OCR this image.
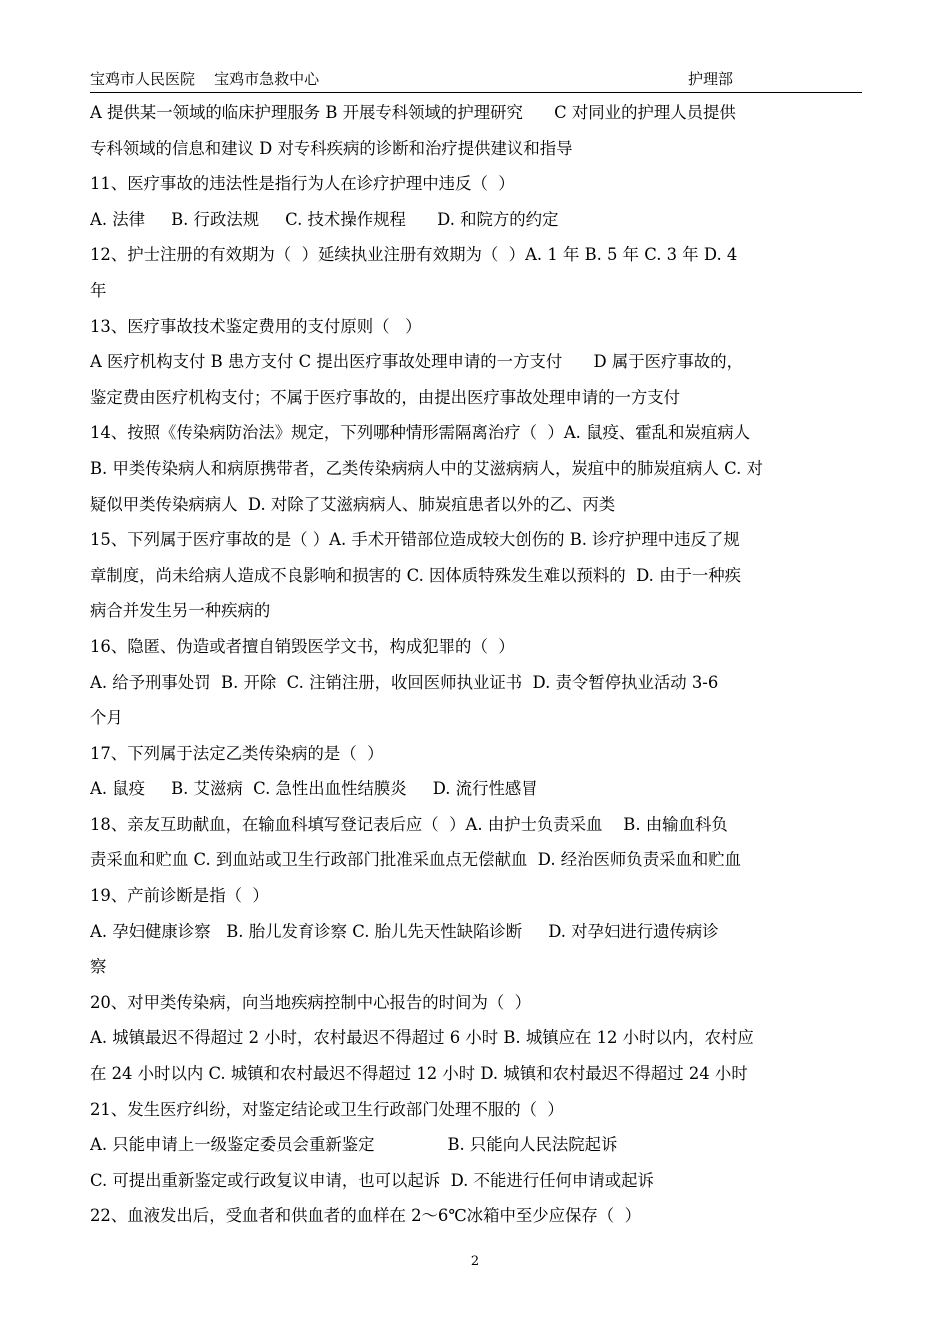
宝鸡市人民医院    宝鸡市急救中心	护理部
A 提供某一领域的临床护理服务 B 开展专科领域的护理研究      C 对同业的护理人员提供
专科领域的信息和建议 D 对专科疾病的诊断和治疗提供建议和指导
11、医疗事故的违法性是指行为人在诊疗护理中违反（  ）
A. 法律     B. 行政法规     C. 技术操作规程      D. 和院方的约定
12、护士注册的有效期为（  ）延续执业注册有效期为（  ）A. 1 年 B. 5 年 C. 3 年 D. 4
年
13、医疗事故技术鉴定费用的支付原则（   ）
A 医疗机构支付 B 患方支付 C 提出医疗事故处理申请的一方支付      D 属于医疗事故的，
鉴定费由医疗机构支付；不属于医疗事故的，由提出医疗事故处理申请的一方支付
14、按照《传染病防治法》规定，下列哪种情形需隔离治疗（  ）A. 鼠疫、霍乱和炭疽病人
B. 甲类传染病人和病原携带者，乙类传染病病人中的艾滋病病人，炭疽中的肺炭疽病人 C. 对
疑似甲类传染病病人  D. 对除了艾滋病病人、肺炭疽患者以外的乙、丙类
15、下列属于医疗事故的是（ ）A. 手术开错部位造成较大创伤的 B. 诊疗护理中违反了规
章制度，尚未给病人造成不良影响和损害的 C. 因体质特殊发生难以预料的  D. 由于一种疾
病合并发生另一种疾病的
16、隐匿、伪造或者擅自销毁医学文书，构成犯罪的（  ）
A. 给予刑事处罚  B. 开除  C. 注销注册，收回医师执业证书  D. 责令暂停执业活动 3-6
个月
17、下列属于法定乙类传染病的是（  ）
A. 鼠疫     B. 艾滋病  C. 急性出血性结膜炎     D. 流行性感冒
18、亲友互助献血，在输血科填写登记表后应（  ）A. 由护士负责采血    B. 由输血科负
责采血和贮血 C. 到血站或卫生行政部门批准采血点无偿献血  D. 经治医师负责采血和贮血
19、产前诊断是指（  ）
A. 孕妇健康诊察   B. 胎儿发育诊察 C. 胎儿先天性缺陷诊断     D. 对孕妇进行遗传病诊
察
20、对甲类传染病，向当地疾病控制中心报告的时间为（  ）
A. 城镇最迟不得超过 2 小时，农村最迟不得超过 6 小时 B. 城镇应在 12 小时以内，农村应
在 24 小时以内 C. 城镇和农村最迟不得超过 12 小时 D. 城镇和农村最迟不得超过 24 小时
21、发生医疗纠纷，对鉴定结论或卫生行政部门处理不服的（  ）
A. 只能申请上一级鉴定委员会重新鉴定              B. 只能向人民法院起诉
C. 可提出重新鉴定或行政复议申请，也可以起诉  D. 不能进行任何申请或起诉
22、血液发出后，受血者和供血者的血样在 2～6℃冰箱中至少应保存（  ）
2
